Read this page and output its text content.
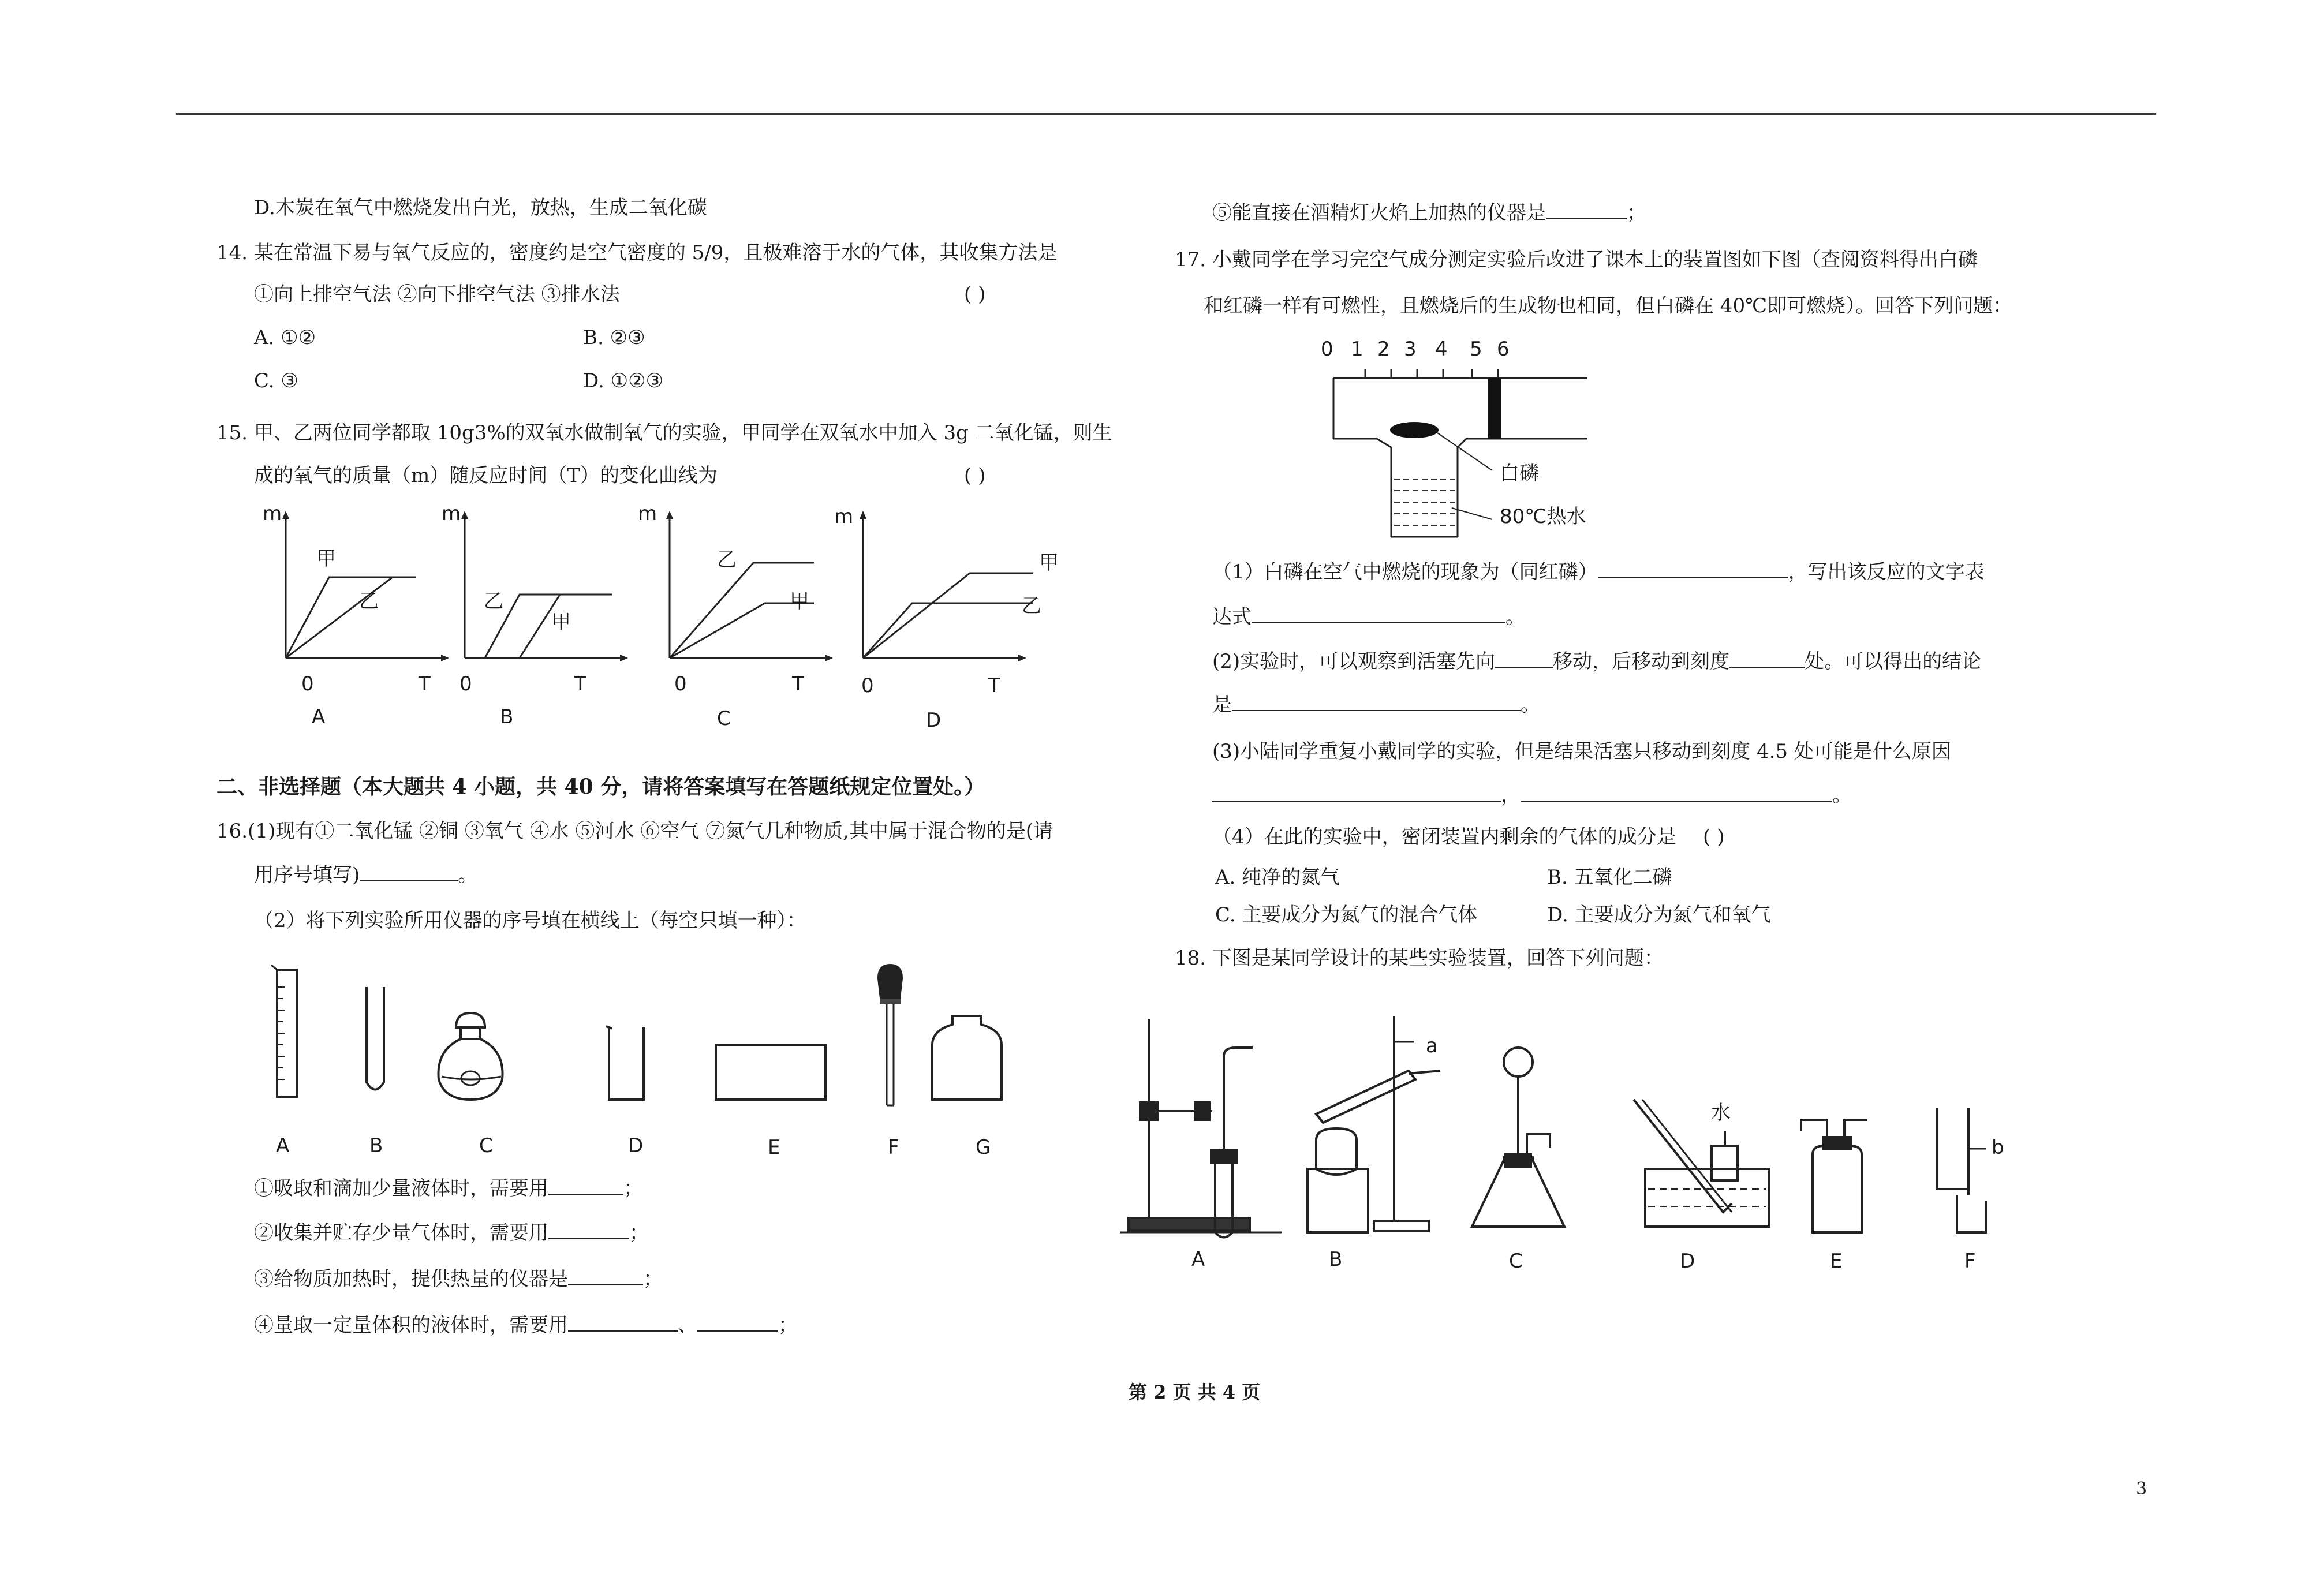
D.木炭在氧气中燃烧发出白光，放热，生成二氧化碳
14. 某在常温下易与氧气反应的，密度约是空气密度的 5/9，且极难溶于水的气体，其收集方法是
①向上排空气法 ②向下排空气法 ③排水法	( )
A. ①②	B. ②③
C. ③	D. ①②③
15. 甲、乙两位同学都取 10g3%的双氧水做制氧气的实验，甲同学在双氧水中加入 3g 二氧化锰，则生
成的氧气的质量（m）随反应时间（T）的变化曲线为	( )
m
甲
乙
0	T
A
m
乙
甲
0	T
B
m
乙
甲
0	T
C
m
甲
乙
0	T
D
二、非选择题（本大题共 4 小题，共 40 分，请将答案填写在答题纸规定位置处。）
16.(1)现有①二氧化锰 ②铜 ③氧气 ④水 ⑤河水 ⑥空气 ⑦氮气几种物质,其中属于混合物的是(请
用序号填写)	。
（2）将下列实验所用仪器的序号填在横线上（每空只填一种）：
A	B	C	D	E	F	G
①吸取和滴加少量液体时，需要用	；
②收集并贮存少量气体时，需要用	；
③给物质加热时，提供热量的仪器是	；
④量取一定量体积的液体时，需要用	、	；
⑤能直接在酒精灯火焰上加热的仪器是	；
17. 小戴同学在学习完空气成分测定实验后改进了课本上的装置图如下图（查阅资料得出白磷
和红磷一样有可燃性，且燃烧后的生成物也相同，但白磷在 40℃即可燃烧）。回答下列问题：
0 1 2 3 4 5 6
白磷
80℃热水
（1）白磷在空气中燃烧的现象为（同红磷）	，写出该反应的文字表
达式	。
(2)实验时，可以观察到活塞先向	移动，后移动到刻度	处。可以得出的结论
是	。
(3)小陆同学重复小戴同学的实验，但是结果活塞只移动到刻度 4.5 处可能是什么原因
，	。
（4）在此的实验中，密闭装置内剩余的气体的成分是 ( )
A. 纯净的氮气	B. 五氧化二磷
C. 主要成分为氮气的混合气体	D. 主要成分为氮气和氧气
18. 下图是某同学设计的某些实验装置，回答下列问题：
a
水
b
A	B	C	D	E	F
第 2 页 共 4 页
3
